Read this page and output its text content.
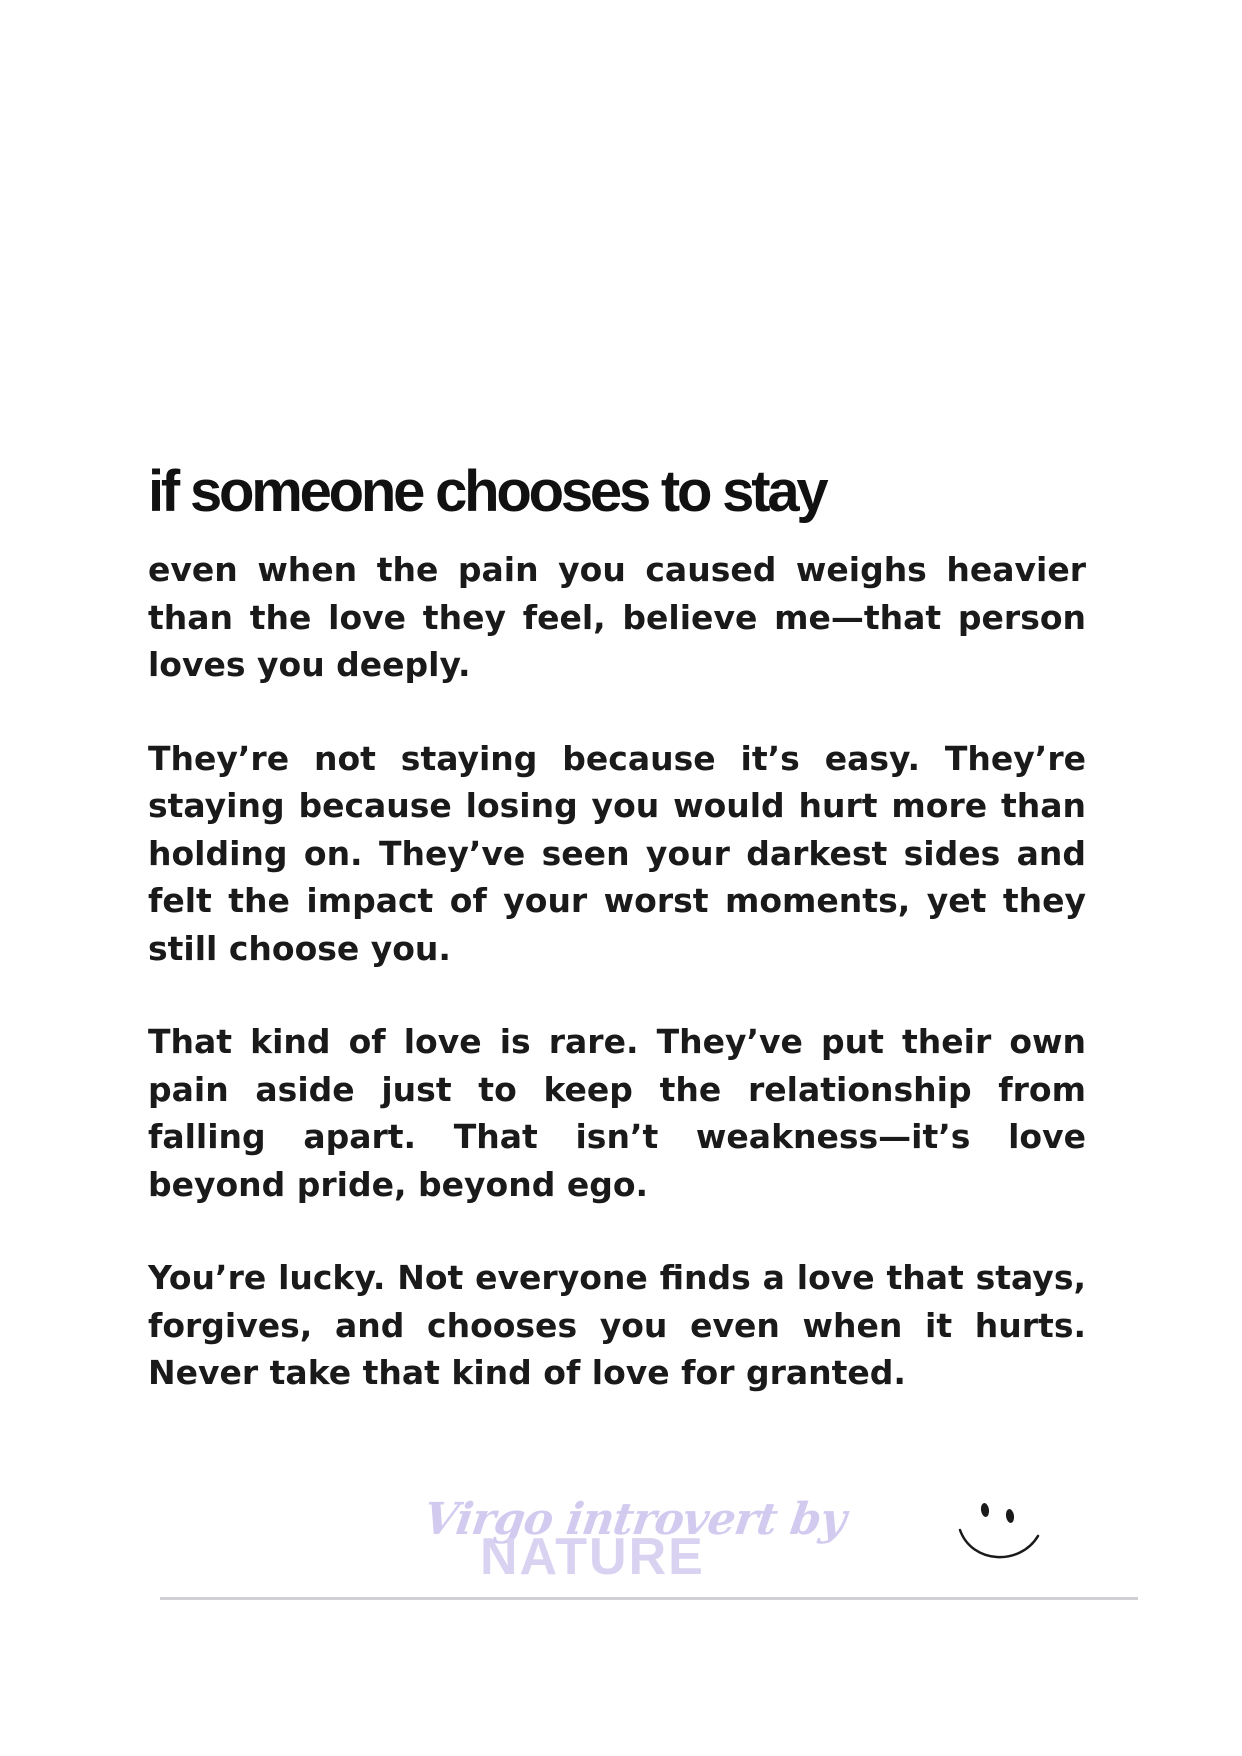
if someone chooses to stay

even when the pain you caused weighs heavier than the love they feel, believe me—that person loves you deeply.

They’re not staying because it’s easy. They’re staying because losing you would hurt more than holding on. They’ve seen your darkest sides and felt the impact of your worst moments, yet they still choose you.

That kind of love is rare. They’ve put their own pain aside just to keep the relationship from falling apart. That isn’t weakness—it’s love beyond pride, beyond ego.

You’re lucky. Not everyone finds a love that stays, forgives, and chooses you even when it hurts. Never take that kind of love for granted.

Virgo introvert by
NATURE
